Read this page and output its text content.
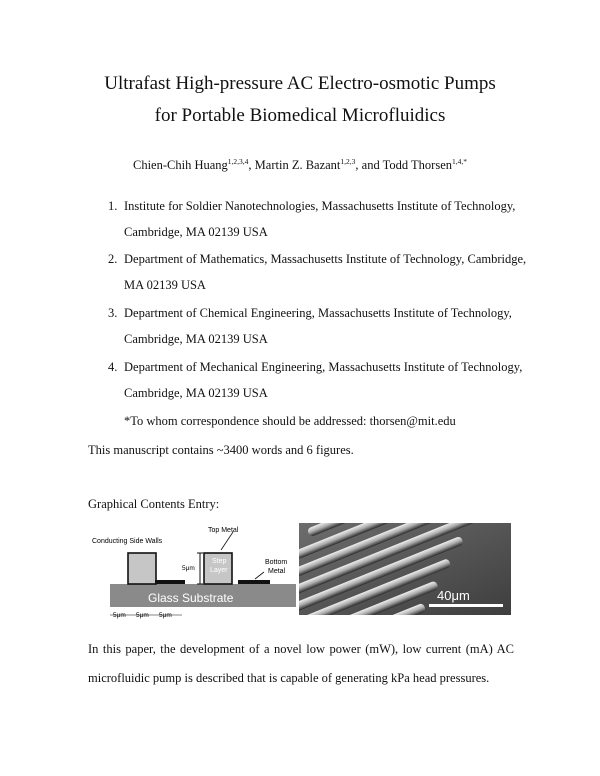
Ultrafast High-pressure AC Electro-osmotic Pumps
for Portable Biomedical Microfluidics
Chien-Chih Huang$^{1,2,3,4}$, Martin Z. Bazant$^{1,2,3}$, and Todd Thorsen$^{1,4,*}$
1. Institute for Soldier Nanotechnologies, Massachusetts Institute of Technology,
Cambridge, MA 02139 USA
2. Department of Mathematics, Massachusetts Institute of Technology, Cambridge,
MA 02139 USA
3. Department of Chemical Engineering, Massachusetts Institute of Technology,
Cambridge, MA 02139 USA
4. Department of Mechanical Engineering, Massachusetts Institute of Technology,
Cambridge, MA 02139 USA
*To whom correspondence should be addressed: thorsen@mit.edu
This manuscript contains ~3400 words and 6 figures.
Graphical Contents Entry:
Conducting Side Walls
Top Metal
Step
Layer
5μm
Bottom
Metal
Glass Substrate
5μm 5μm 5μm
40μm
In this paper, the development of a novel low power (mW), low current (mA) AC microfluidic pump is described that is capable of generating kPa head pressures.
